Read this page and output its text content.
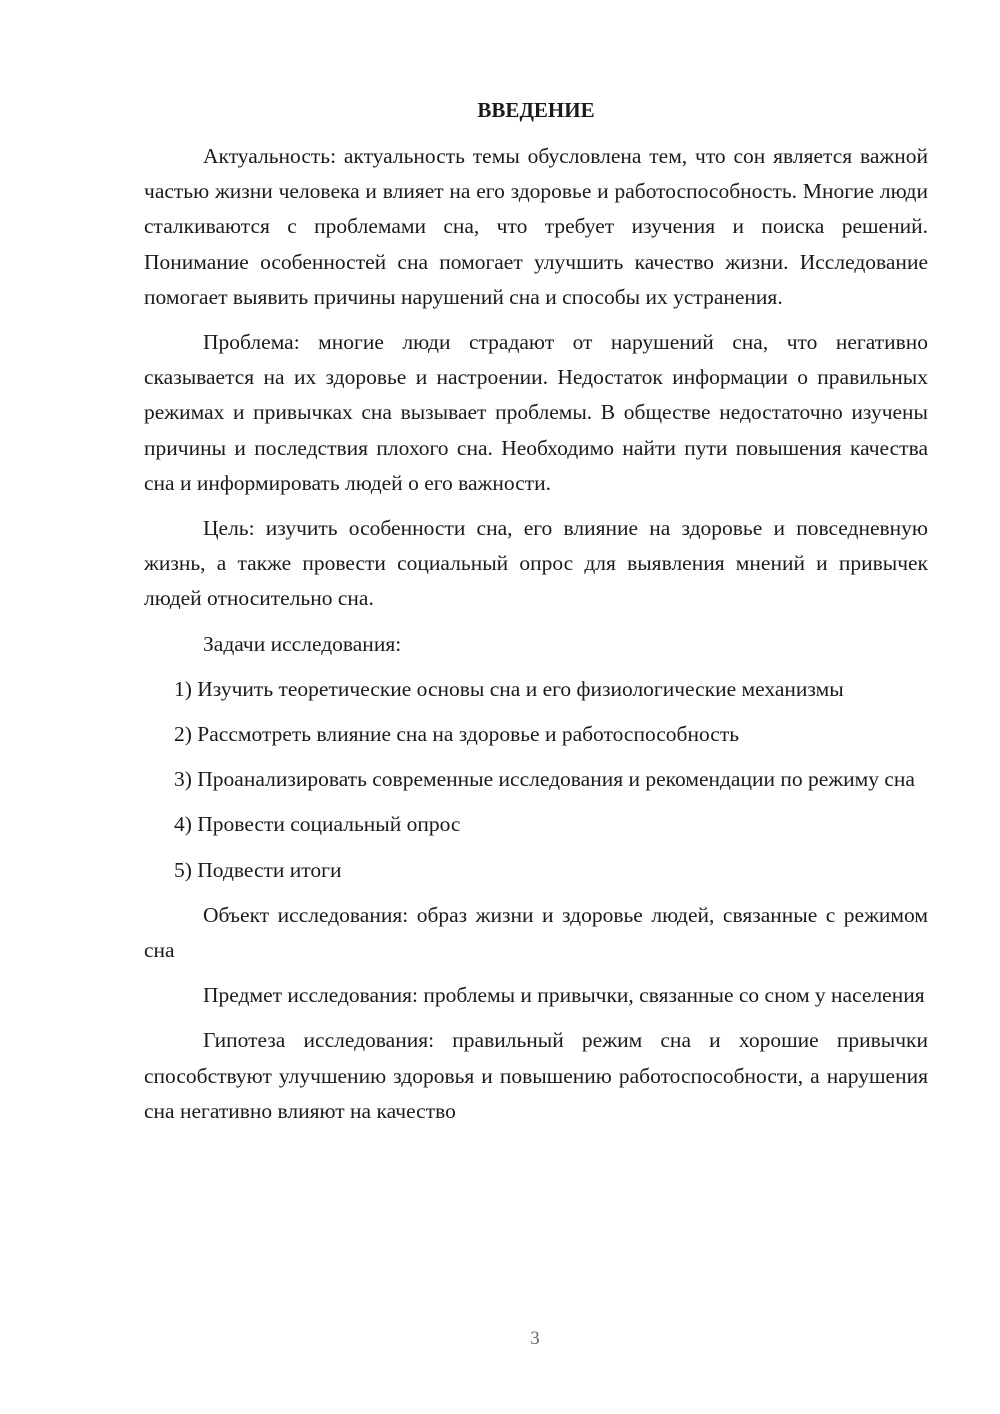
ВВЕДЕНИЕ

Актуальность: актуальность темы обусловлена тем, что сон является важной частью жизни человека и влияет на его здоровье и работоспособность. Многие люди сталкиваются с проблемами сна, что требует изучения и поиска решений. Понимание особенностей сна помогает улучшить качество жизни. Исследование помогает выявить причины нарушений сна и способы их устранения.

Проблема: многие люди страдают от нарушений сна, что негативно сказывается на их здоровье и настроении. Недостаток информации о правильных режимах и привычках сна вызывает проблемы. В обществе недостаточно изучены причины и последствия плохого сна. Необходимо найти пути повышения качества сна и информировать людей о его важности.

Цель: изучить особенности сна, его влияние на здоровье и повседневную жизнь, а также провести социальный опрос для выявления мнений и привычек людей относительно сна.

Задачи исследования:

1) Изучить теоретические основы сна и его физиологические механизмы

2) Рассмотреть влияние сна на здоровье и работоспособность

3) Проанализировать современные исследования и рекомендации по режиму сна

4) Провести социальный опрос

5) Подвести итоги

Объект исследования: образ жизни и здоровье людей, связанные с режимом сна

Предмет исследования: проблемы и привычки, связанные со сном у населения

Гипотеза исследования: правильный режим сна и хорошие привычки способствуют улучшению здоровья и повышению работоспособности, а нарушения сна негативно влияют на качество

3
